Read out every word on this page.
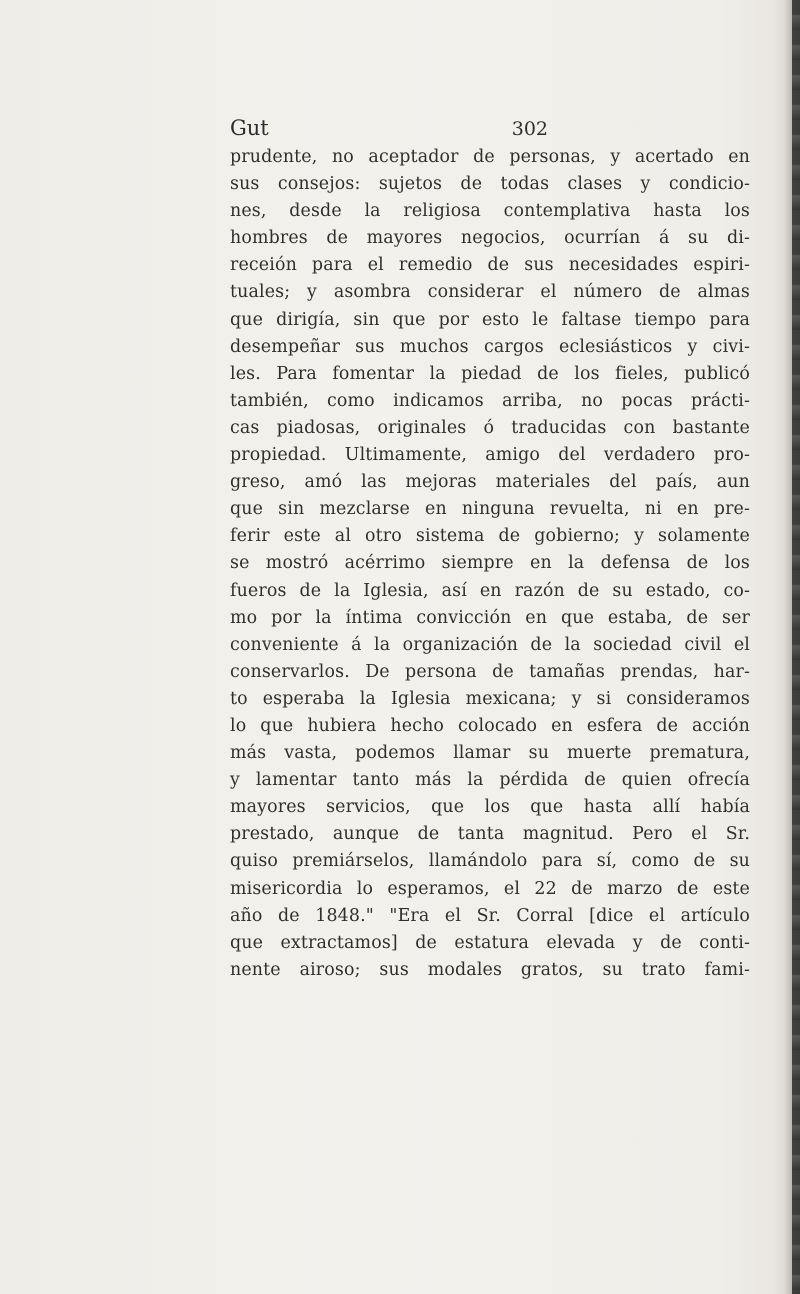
Gut	302
prudente, no aceptador de personas, y acertado en
sus consejos: sujetos de todas clases y condicio-
nes, desde la religiosa contemplativa hasta los
hombres de mayores negocios, ocurrían á su di-
receión para el remedio de sus necesidades espiri-
tuales; y asombra considerar el número de almas
que dirigía, sin que por esto le faltase tiempo para
desempeñar sus muchos cargos eclesiásticos y civi-
les. Para fomentar la piedad de los fieles, publicó
también, como indicamos arriba, no pocas prácti-
cas piadosas, originales ó traducidas con bastante
propiedad. Ultimamente, amigo del verdadero pro-
greso, amó las mejoras materiales del país, aun
que sin mezclarse en ninguna revuelta, ni en pre-
ferir este al otro sistema de gobierno; y solamente
se mostró acérrimo siempre en la defensa de los
fueros de la Iglesia, así en razón de su estado, co-
mo por la íntima convicción en que estaba, de ser
conveniente á la organización de la sociedad civil el
conservarlos. De persona de tamañas prendas, har-
to esperaba la Iglesia mexicana; y si consideramos
lo que hubiera hecho colocado en esfera de acción
más vasta, podemos llamar su muerte prematura,
y lamentar tanto más la pérdida de quien ofrecía
mayores servicios, que los que hasta allí había
prestado, aunque de tanta magnitud. Pero el Sr.
quiso premiárselos, llamándolo para sí, como de su
misericordia lo esperamos, el 22 de marzo de este
año de 1848." "Era el Sr. Corral [dice el artículo
que extractamos] de estatura elevada y de conti-
nente airoso; sus modales gratos, su trato fami-
